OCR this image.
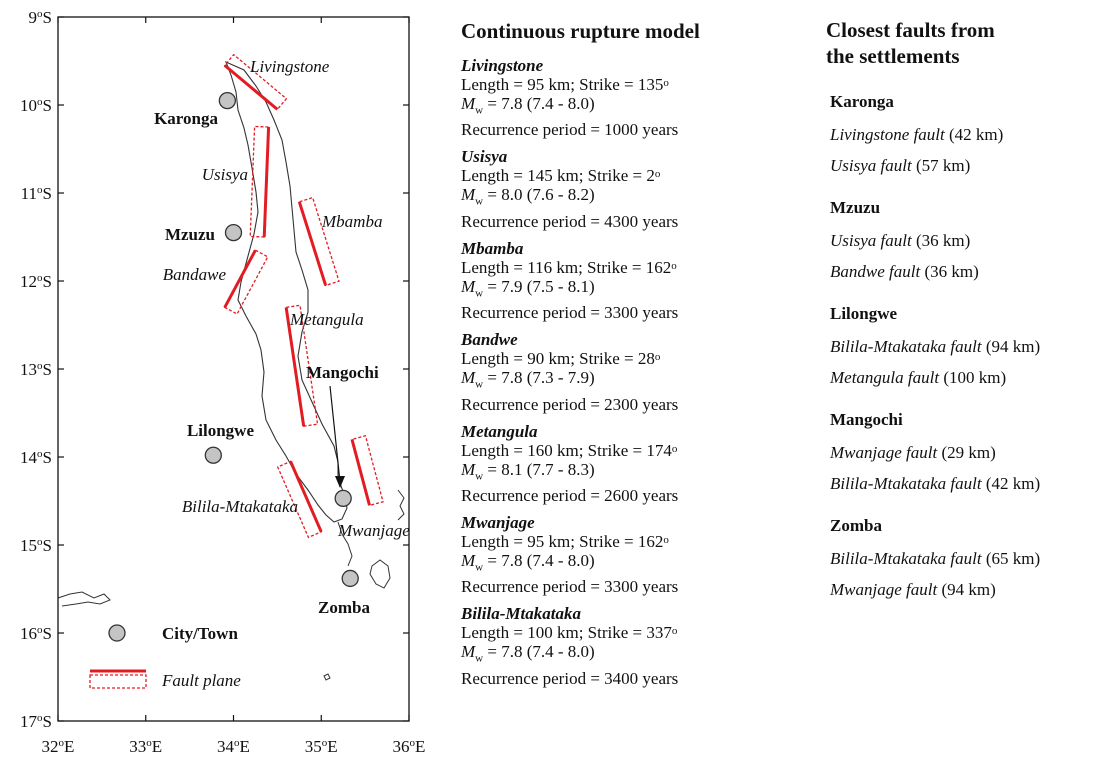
9$^o$S
10$^o$S
11$^o$S
12$^o$S
13$^o$S
14$^o$S
15$^o$S
16$^o$S
17$^o$S
32$^o$E	33$^o$E	34$^o$E	35$^o$E	36$^o$E
Livingstone
Usisya
Mbamba
Bandawe
Metangula
Mwanjage
Bilila-Mtakataka
Karonga
Mzuzu
Lilongwe
Mangochi
Zomba
City/Town
Fault plane
Continuous rupture model
Livingstone
Length = 95 km; Strike = $135^o$
$M_w = 7.8$ (7.4 - 8.0)
Recurrence period = 1000 years
Usisya
Length = 145 km; Strike = $2^o$
$M_w = 8.0$ (7.6 - 8.2)
Recurrence period = 4300 years
Mbamba
Length = 116 km; Strike = $162^o$
$M_w = 7.9$ (7.5 - 8.1)
Recurrence period = 3300 years
Bandwe
Length = 90 km; Strike = $28^o$
$M_w = 7.8$ (7.3 - 7.9)
Recurrence period = 2300 years
Metangula
Length = 160 km; Strike = $174^o$
$M_w = 8.1$ (7.7 - 8.3)
Recurrence period = 2600 years
Mwanjage
Length = 95 km; Strike = $162^o$
$M_w = 7.8$ (7.4 - 8.0)
Recurrence period = 3300 years
Bilila-Mtakataka
Length = 100 km; Strike = $337^o$
$M_w = 7.8$ (7.4 - 8.0)
Recurrence period = 3400 years
Closest faults from
the settlements
Karonga
Livingstone fault (42 km)
Usisya fault (57 km)
Mzuzu
Usisya fault (36 km)
Bandwe fault (36 km)
Lilongwe
Bilila-Mtakataka fault (94 km)
Metangula fault (100 km)
Mangochi
Mwanjage fault (29 km)
Bilila-Mtakataka fault (42 km)
Zomba
Bilila-Mtakataka fault (65 km)
Mwanjage fault (94 km)
